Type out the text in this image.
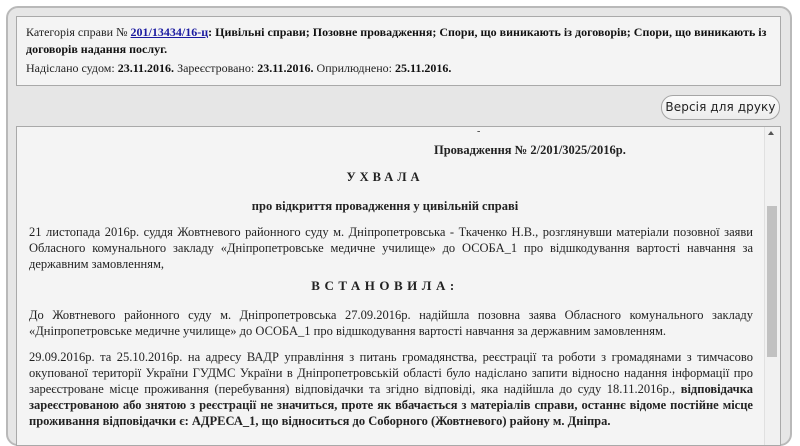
Категорія справи № 201/13434/16-ц: Цивільні справи; Позовне провадження; Спори, що виникають із договорів; Спори, що виникають із договорів надання послуг.
Надіслано судом: 23.11.2016. Зареєстровано: 23.11.2016. Оприлюднено: 25.11.2016.
Версія для друку
-
Провадження № 2/201/3025/2016р.
УХВАЛА
про відкриття провадження у цивільній справі
21 листопада 2016р. суддя Жовтневого районного суду м. Дніпропетровська - Ткаченко Н.В., розглянувши матеріали позовної заяви Обласного комунального закладу «Дніпропетровське медичне училище» до ОСОБА_1 про відшкодування вартості навчання за державним замовленням,
ВСТАНОВИЛА:
До Жовтневого районного суду м. Дніпропетровська 27.09.2016р. надійшла позовна заява Обласного комунального закладу «Дніпропетровське медичне училище» до ОСОБА_1 про відшкодування вартості навчання за державним замовленням.
29.09.2016р. та 25.10.2016р. на адресу ВАДР управління з питань громадянства, реєстрації та роботи з громадянами з тимчасово окупованої території України ГУДМС України в Дніпропетровській області було надіслано запити відносно надання інформації про зареєстроване місце проживання (перебування) відповідачки та згідно відповіді, яка надійшла до суду 18.11.2016р., відповідачка зареєстрованою або знятою з реєстрації не значиться, проте як вбачається з матеріалів справи, останнє відоме постійне місце проживання відповідачки є: АДРЕСА_1, що відноситься до Соборного (Жовтневого) району м. Дніпра.
